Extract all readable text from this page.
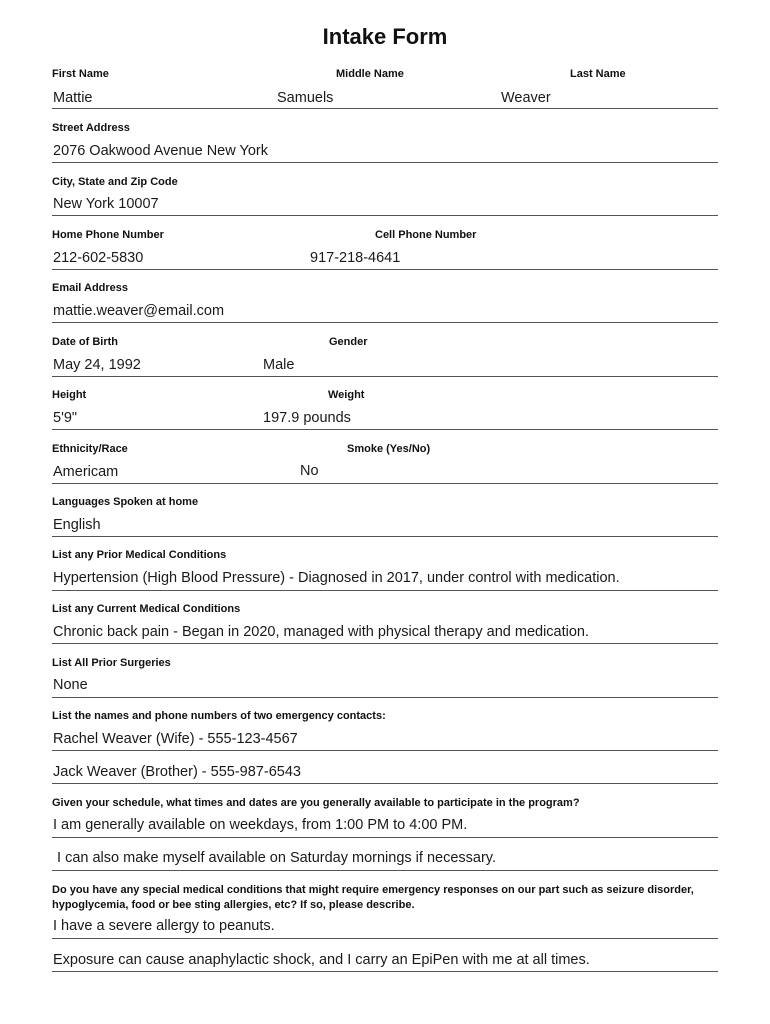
Intake Form
First Name	Middle Name	Last Name
Mattie	Samuels	Weaver
Street Address
2076 Oakwood Avenue New York
City, State and Zip Code
New York 10007
Home Phone Number	Cell Phone Number
212-602-5830	917-218-4641
Email Address
mattie.weaver@email.com
Date of Birth	Gender
May 24, 1992	Male
Height	Weight
5'9"	197.9 pounds
Ethnicity/Race	Smoke (Yes/No)
Americam	No
Languages Spoken at home
English
List any Prior Medical Conditions
Hypertension (High Blood Pressure) - Diagnosed in 2017, under control with medication.
List any Current Medical Conditions
Chronic back pain - Began in 2020, managed with physical therapy and medication.
List All Prior Surgeries
None
List the names and phone numbers of two emergency contacts:
Rachel Weaver (Wife) - 555-123-4567
Jack Weaver (Brother) - 555-987-6543
Given your schedule, what times and dates are you generally available to participate in the program?
I am generally available on weekdays, from 1:00 PM to 4:00 PM.
I can also make myself available on Saturday mornings if necessary.
Do you have any special medical conditions that might require emergency responses on our part such as seizure disorder, hypoglycemia, food or bee sting allergies, etc? If so, please describe.
I have a severe allergy to peanuts.
Exposure can cause anaphylactic shock, and I carry an EpiPen with me at all times.
